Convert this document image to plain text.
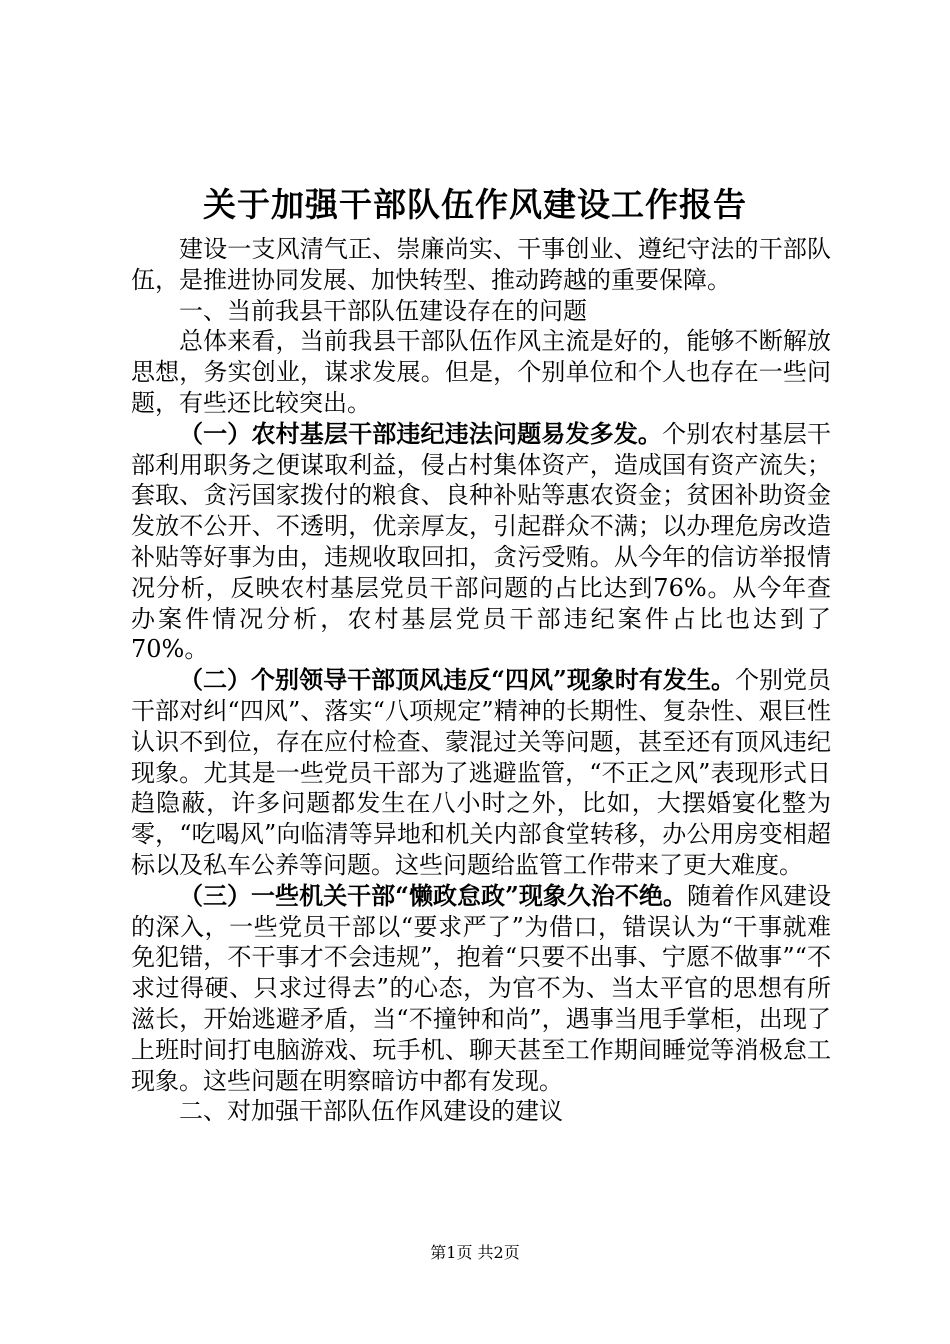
关于加强干部队伍作风建设工作报告

建设一支风清气正、崇廉尚实、干事创业、遵纪守法的干部队伍，是推进协同发展、加快转型、推动跨越的重要保障。

一、当前我县干部队伍建设存在的问题

总体来看，当前我县干部队伍作风主流是好的，能够不断解放思想，务实创业，谋求发展。但是，个别单位和个人也存在一些问题，有些还比较突出。

（一）农村基层干部违纪违法问题易发多发。个别农村基层干部利用职务之便谋取利益，侵占村集体资产，造成国有资产流失；套取、贪污国家拨付的粮食、良种补贴等惠农资金；贫困补助资金发放不公开、不透明，优亲厚友，引起群众不满；以办理危房改造补贴等好事为由，违规收取回扣，贪污受贿。从今年的信访举报情况分析，反映农村基层党员干部问题的占比达到76%。从今年查办案件情况分析，农村基层党员干部违纪案件占比也达到了70%。

（二）个别领导干部顶风违反“四风”现象时有发生。个别党员干部对纠“四风”、落实“八项规定”精神的长期性、复杂性、艰巨性认识不到位，存在应付检查、蒙混过关等问题，甚至还有顶风违纪现象。尤其是一些党员干部为了逃避监管，“不正之风”表现形式日趋隐蔽，许多问题都发生在八小时之外，比如，大摆婚宴化整为零，“吃喝风”向临清等异地和机关内部食堂转移，办公用房变相超标以及私车公养等问题。这些问题给监管工作带来了更大难度。

（三）一些机关干部“懒政怠政”现象久治不绝。随着作风建设的深入，一些党员干部以“要求严了”为借口，错误认为“干事就难免犯错，不干事才不会违规”，抱着“只要不出事、宁愿不做事”“不求过得硬、只求过得去”的心态，为官不为、当太平官的思想有所滋长，开始逃避矛盾，当“不撞钟和尚”，遇事当甩手掌柜，出现了上班时间打电脑游戏、玩手机、聊天甚至工作期间睡觉等消极怠工现象。这些问题在明察暗访中都有发现。

二、对加强干部队伍作风建设的建议

第1页 共2页
